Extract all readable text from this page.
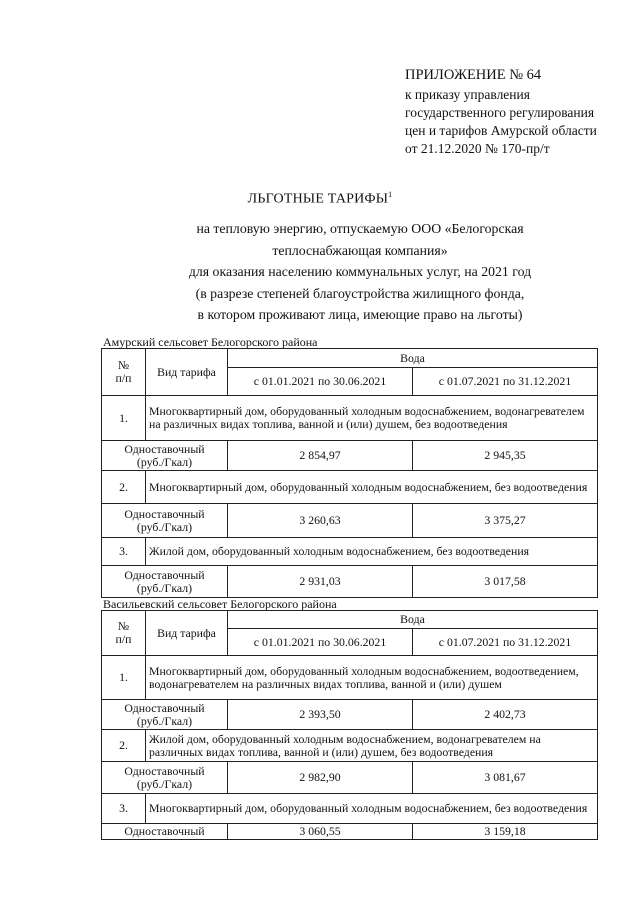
ПРИЛОЖЕНИЕ № 64
к приказу управления
государственного регулирования
цен и тарифов Амурской области
от 21.12.2020 № 170-пр/т
ЛЬГОТНЫЕ ТАРИФЫ$^1$
на тепловую энергию, отпускаемую ООО «Белогорская
теплоснабжающая компания»
для оказания населению коммунальных услуг, на 2021 год
(в разрезе степеней благоустройства жилищного фонда,
в котором проживают лица, имеющие право на льготы)
Амурский сельсовет Белогорского района
№
п/п	Вид тарифа	Вода	
		с 01.01.2021 по 30.06.2021	с 01.07.2021 по 31.12.2021
1.	Многоквартирный дом, оборудованный холодным водоснабжением, водонагревателем на различных видах топлива, ванной и (или) душем, без водоотведения		

Одноставочный
(руб./Гкал)		2 854,97	2 945,35
2.	Многоквартирный дом, оборудованный холодным водоснабжением, без водоотведения		

Одноставочный
(руб./Гкал)		3 260,63	3 375,27
3.	Жилой дом, оборудованный холодным водоснабжением, без водоотведения		

Одноставочный
(руб./Гкал)		2 931,03	3 017,58
Васильевский сельсовет Белогорского района
№
п/п	Вид тарифа	Вода	
		с 01.01.2021 по 30.06.2021	с 01.07.2021 по 31.12.2021
1.	Многоквартирный дом, оборудованный холодным водоснабжением, водоотведением, водонагревателем на различных видах топлива, ванной и (или) душем		

Одноставочный
(руб./Гкал)		2 393,50	2 402,73
2.	Жилой дом, оборудованный холодным водоснабжением, водонагревателем на различных видах топлива, ванной и (или) душем, без водоотведения		

Одноставочный
(руб./Гкал)		2 982,90	3 081,67
3.	Многоквартирный дом, оборудованный холодным водоснабжением, без водоотведения		
Одноставочный		3 060,55	3 159,18
